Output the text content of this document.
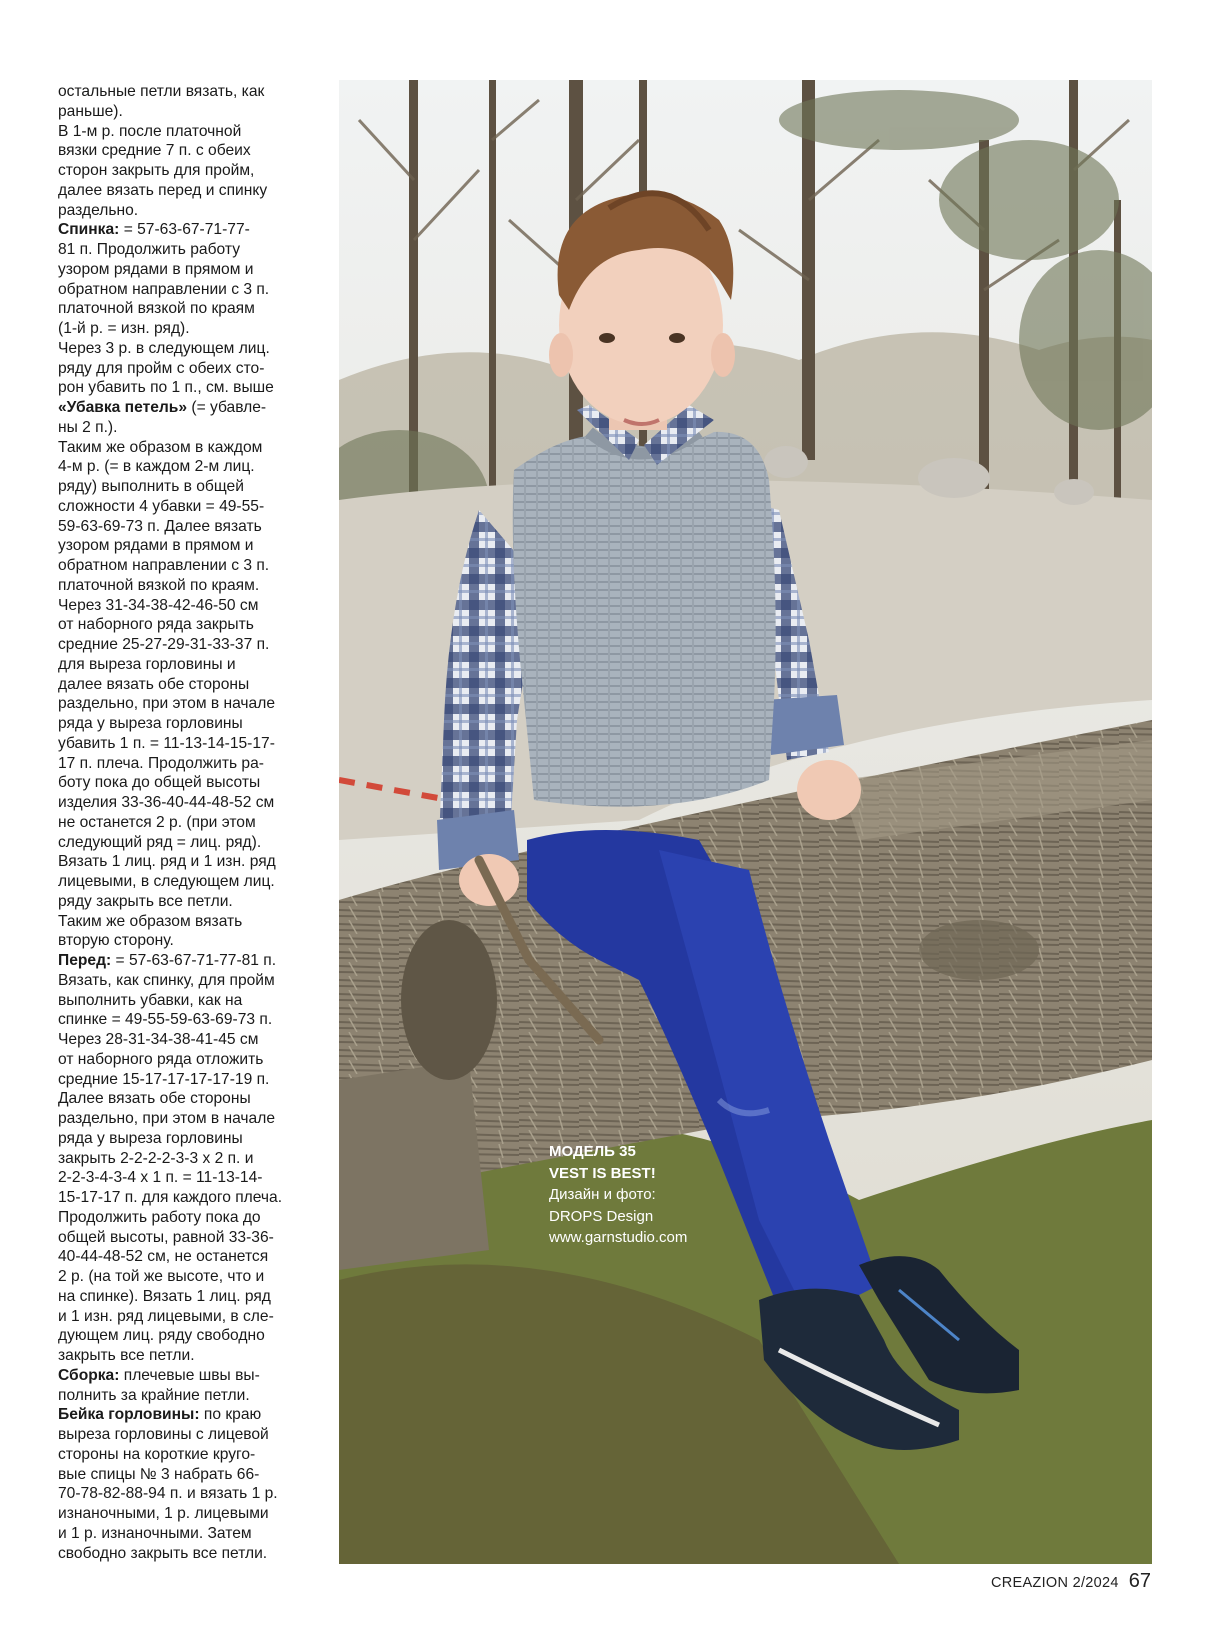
остальные петли вязать, как
раньше).
В 1-м р. после платочной
вязки средние 7 п. с обеих
сторон закрыть для пройм,
далее вязать перед и спинку
раздельно.
Спинка: = 57-63-67-71-77-
81 п. Продолжить работу
узором рядами в прямом и
обратном направлении с 3 п.
платочной вязкой по краям
(1-й р. = изн. ряд).
Через 3 р. в следующем лиц.
ряду для пройм с обеих сто-
рон убавить по 1 п., см. выше
«Убавка петель» (= убавле-
ны 2 п.).
Таким же образом в каждом
4-м р. (= в каждом 2-м лиц.
ряду) выполнить в общей
сложности 4 убавки = 49-55-
59-63-69-73 п. Далее вязать
узором рядами в прямом и
обратном направлении с 3 п.
платочной вязкой по краям.
Через 31-34-38-42-46-50 см
от наборного ряда закрыть
средние 25-27-29-31-33-37 п.
для выреза горловины и
далее вязать обе стороны
раздельно, при этом в начале
ряда у выреза горловины
убавить 1 п. = 11-13-14-15-17-
17 п. плеча. Продолжить ра-
боту пока до общей высоты
изделия 33-36-40-44-48-52 см
не останется 2 р. (при этом
следующий ряд = лиц. ряд).
Вязать 1 лиц. ряд и 1 изн. ряд
лицевыми, в следующем лиц.
ряду закрыть все петли.
Таким же образом вязать
вторую сторону.
Перед: = 57-63-67-71-77-81 п.
Вязать, как спинку, для пройм
выполнить убавки, как на
спинке = 49-55-59-63-69-73 п.
Через 28-31-34-38-41-45 см
от наборного ряда отложить
средние 15-17-17-17-17-19 п.
Далее вязать обе стороны
раздельно, при этом в начале
ряда у выреза горловины
закрыть 2-2-2-2-3-3 х 2 п. и
2-2-3-4-3-4 х 1 п. = 11-13-14-
15-17-17 п. для каждого плеча.
Продолжить работу пока до
общей высоты, равной 33-36-
40-44-48-52 см, не останется
2 р. (на той же высоте, что и
на спинке). Вязать 1 лиц. ряд
и 1 изн. ряд лицевыми, в сле-
дующем лиц. ряду свободно
закрыть все петли.
Сборка: плечевые швы вы-
полнить за крайние петли.
Бейка горловины: по краю
выреза горловины с лицевой
стороны на короткие круго-
вые спицы № 3 набрать 66-
70-78-82-88-94 п. и вязать 1 р.
изнаночными, 1 р. лицевыми
и 1 р. изнаночными. Затем
свободно закрыть все петли.
МОДЕЛЬ 35
VEST IS BEST!
Дизайн и фото:
DROPS Design
www.garnstudio.com
CREAZION 2/2024 67
